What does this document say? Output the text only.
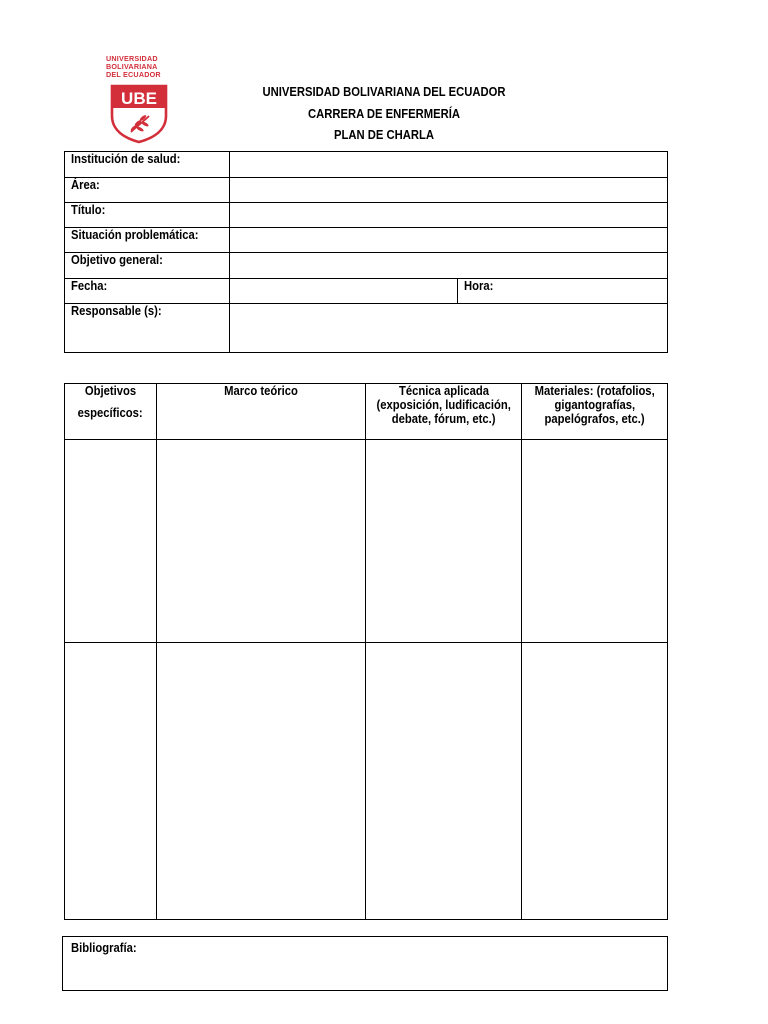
UNIVERSIDAD
BOLIVARIANA
DEL ECUADOR
UBE	UNIVERSIDAD BOLIVARIANA DEL ECUADOR
CARRERA DE ENFERMERÍA
PLAN DE CHARLA
Institución de salud:		
Área:		
Título:		
Situación problemática:		
Objetivo general:		
Fecha:		Hora:
Responsable (s):		
Objetivos
específicos:	Marco teórico	Técnica aplicada
(exposición, ludificación,
debate, fórum, etc.)	Materiales: (rotafolios,
gigantografías,
papelógrafos, etc.)

Bibliografía:
